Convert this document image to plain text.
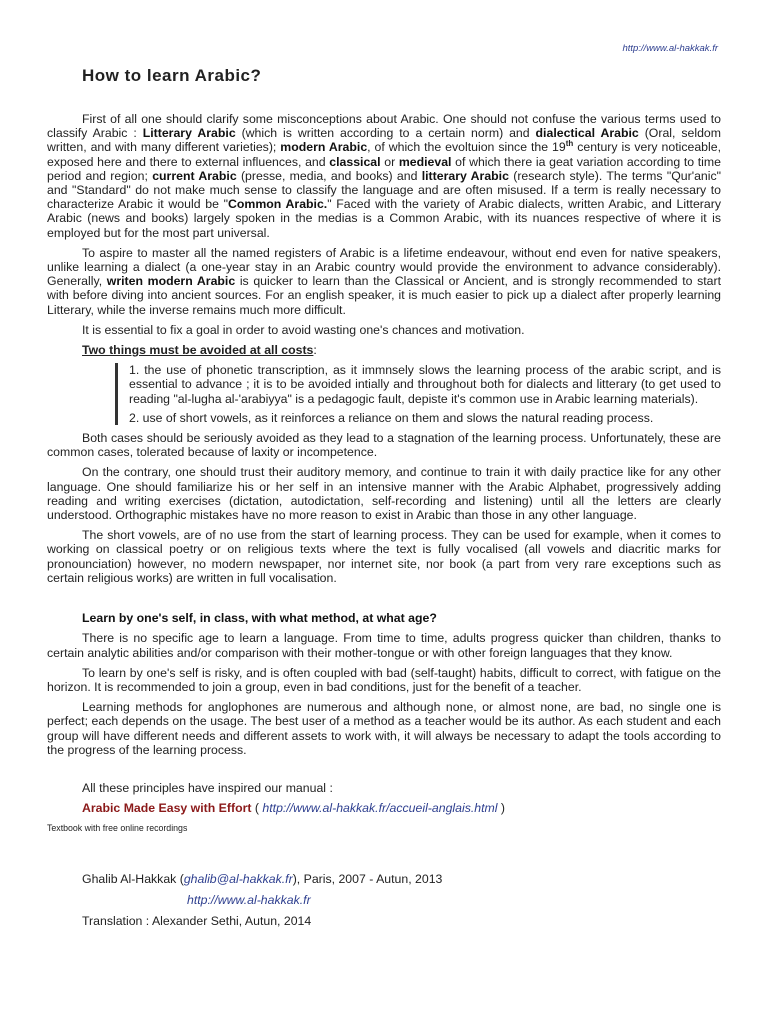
http://www.al-hakkak.fr
How to learn Arabic?

First of all one should clarify some misconceptions about Arabic. One should not confuse the various terms used to classify Arabic : Litterary Arabic (which is written according to a certain norm) and dialectical Arabic (Oral, seldom written, and with many different varieties); modern Arabic, of which the evoltuion since the 19th century is very noticeable, exposed here and there to external influences, and classical or medieval of which there ia geat variation according to time period and region; current Arabic (presse, media, and books) and litterary Arabic (research style). The terms "Qur'anic" and "Standard" do not make much sense to classify the language and are often misused. If a term is really necessary to characterize Arabic it would be "Common Arabic." Faced with the variety of Arabic dialects, written Arabic, and Litterary Arabic (news and books) largely spoken in the medias is a Common Arabic, with its nuances respective of where it is employed but for the most part universal.

To aspire to master all the named registers of Arabic is a lifetime endeavour, without end even for native speakers, unlike learning a dialect (a one-year stay in an Arabic country would provide the environment to advance considerably). Generally, writen modern Arabic is quicker to learn than the Classical or Ancient, and is strongly recommended to start with before diving into ancient sources. For an english speaker, it is much easier to pick up a dialect after properly learning Litterary, while the inverse remains much more difficult.

It is essential to fix a goal in order to avoid wasting one's chances and motivation.

Two things must be avoided at all costs:

1. the use of phonetic transcription, as it immnsely slows the learning process of the arabic script, and is essential to advance ; it is to be avoided intially and throughout both for dialects and litterary (to get used to reading "al-lugha al-'arabiyya" is a pedagogic fault, depiste it's common use in Arabic learning materials).

2. use of short vowels, as it reinforces a reliance on them and slows the natural reading process.

Both cases should be seriously avoided as they lead to a stagnation of the learning process. Unfortunately, these are common cases, tolerated because of laxity or incompetence.

On the contrary, one should trust their auditory memory, and continue to train it with daily practice like for any other language. One should familiarize his or her self in an intensive manner with the Arabic Alphabet, progressively adding reading and writing exercises (dictation, autodictation, self-recording and listening) until all the letters are clearly understood. Orthographic mistakes have no more reason to exist in Arabic than those in any other language.

The short vowels, are of no use from the start of learning process. They can be used for example, when it comes to working on classical poetry or on religious texts where the text is fully vocalised (all vowels and diacritic marks for pronounciation) however, no modern newspaper, nor internet site, nor book (a part from very rare exceptions such as certain religious works) are written in full vocalisation.

Learn by one's self, in class, with what method, at what age?

There is no specific age to learn a language. From time to time, adults progress quicker than children, thanks to certain analytic abilities and/or comparison with their mother-tongue or with other foreign languages that they know.

To learn by one's self is risky, and is often coupled with bad (self-taught) habits, difficult to correct, with fatigue on the horizon. It is recommended to join a group, even in bad conditions, just for the benefit of a teacher.

Learning methods for anglophones are numerous and although none, or almost none, are bad, no single one is perfect; each depends on the usage. The best user of a method as a teacher would be its author. As each student and each group will have different needs and different assets to work with, it will always be necessary to adapt the tools according to the progress of the learning process.

All these principles have inspired our manual :

Arabic Made Easy with Effort ( http://www.al-hakkak.fr/accueil-anglais.html )

Textbook with free online recordings

Ghalib Al-Hakkak (ghalib@al-hakkak.fr), Paris, 2007 - Autun, 2013
http://www.al-hakkak.fr
Translation : Alexander Sethi, Autun, 2014
